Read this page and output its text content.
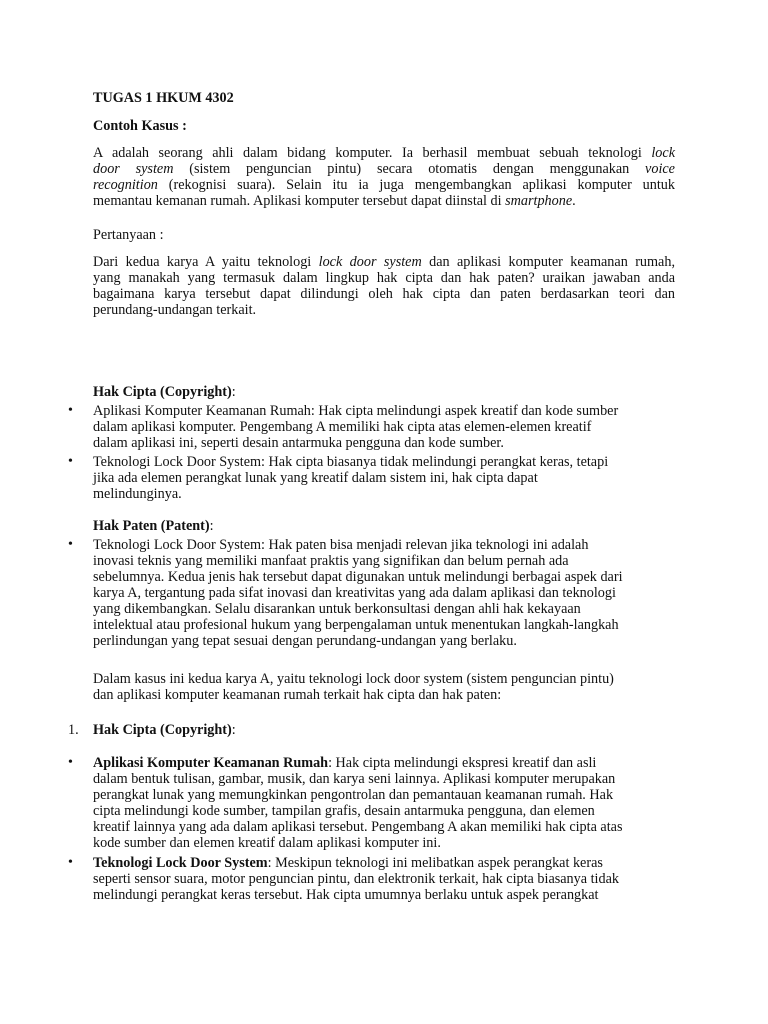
TUGAS 1 HKUM 4302
Contoh Kasus :
A adalah seorang ahli dalam bidang komputer. Ia berhasil membuat sebuah teknologi lock
door system (sistem penguncian pintu) secara otomatis dengan menggunakan voice
recognition (rekognisi suara). Selain itu ia juga mengembangkan aplikasi komputer untuk
memantau kemanan rumah. Aplikasi komputer tersebut dapat diinstal di smartphone.
Pertanyaan :
Dari kedua karya A yaitu teknologi lock door system dan aplikasi komputer keamanan rumah,
yang manakah yang termasuk dalam lingkup hak cipta dan hak paten? uraikan jawaban anda
bagaimana karya tersebut dapat dilindungi oleh hak cipta dan paten berdasarkan teori dan
perundang-undangan terkait.
Hak Cipta (Copyright):
• Aplikasi Komputer Keamanan Rumah: Hak cipta melindungi aspek kreatif dan kode sumber
dalam aplikasi komputer. Pengembang A memiliki hak cipta atas elemen-elemen kreatif
dalam aplikasi ini, seperti desain antarmuka pengguna dan kode sumber.
• Teknologi Lock Door System: Hak cipta biasanya tidak melindungi perangkat keras, tetapi
jika ada elemen perangkat lunak yang kreatif dalam sistem ini, hak cipta dapat
melindunginya.
Hak Paten (Patent):
• Teknologi Lock Door System: Hak paten bisa menjadi relevan jika teknologi ini adalah
inovasi teknis yang memiliki manfaat praktis yang signifikan dan belum pernah ada
sebelumnya. Kedua jenis hak tersebut dapat digunakan untuk melindungi berbagai aspek dari
karya A, tergantung pada sifat inovasi dan kreativitas yang ada dalam aplikasi dan teknologi
yang dikembangkan. Selalu disarankan untuk berkonsultasi dengan ahli hak kekayaan
intelektual atau profesional hukum yang berpengalaman untuk menentukan langkah-langkah
perlindungan yang tepat sesuai dengan perundang-undangan yang berlaku.
Dalam kasus ini kedua karya A, yaitu teknologi lock door system (sistem penguncian pintu)
dan aplikasi komputer keamanan rumah terkait hak cipta dan hak paten:
1. Hak Cipta (Copyright):
• Aplikasi Komputer Keamanan Rumah: Hak cipta melindungi ekspresi kreatif dan asli
dalam bentuk tulisan, gambar, musik, dan karya seni lainnya. Aplikasi komputer merupakan
perangkat lunak yang memungkinkan pengontrolan dan pemantauan keamanan rumah. Hak
cipta melindungi kode sumber, tampilan grafis, desain antarmuka pengguna, dan elemen
kreatif lainnya yang ada dalam aplikasi tersebut. Pengembang A akan memiliki hak cipta atas
kode sumber dan elemen kreatif dalam aplikasi komputer ini.
• Teknologi Lock Door System: Meskipun teknologi ini melibatkan aspek perangkat keras
seperti sensor suara, motor penguncian pintu, dan elektronik terkait, hak cipta biasanya tidak
melindungi perangkat keras tersebut. Hak cipta umumnya berlaku untuk aspek perangkat
